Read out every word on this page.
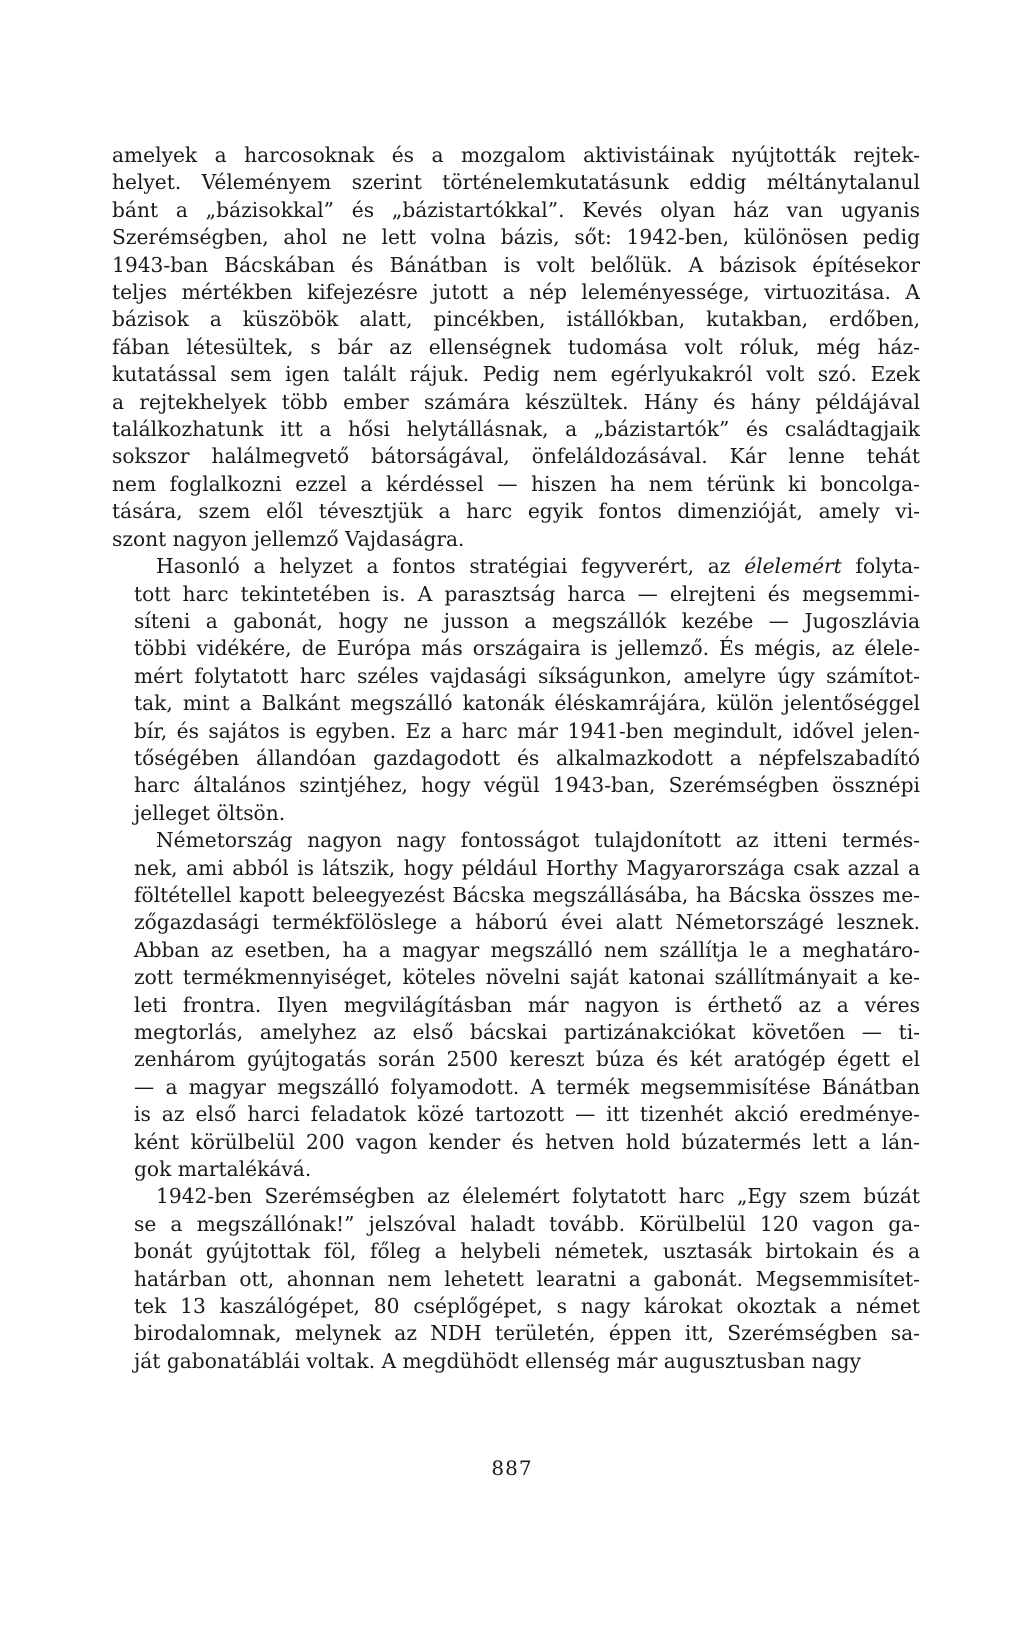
amelyek a harcosoknak és a mozgalom aktivistáinak nyújtották rejtek-
helyet. Véleményem szerint történelemkutatásunk eddig méltánytalanul
bánt a „bázisokkal” és „bázistartókkal”. Kevés olyan ház van ugyanis
Szerémségben, ahol ne lett volna bázis, sőt: 1942-ben, különösen pedig
1943-ban Bácskában és Bánátban is volt belőlük. A bázisok építésekor
teljes mértékben kifejezésre jutott a nép leleményessége, virtuozitása. A
bázisok a küszöbök alatt, pincékben, istállókban, kutakban, erdőben,
fában létesültek, s bár az ellenségnek tudomása volt róluk, még ház-
kutatással sem igen talált rájuk. Pedig nem egérlyukakról volt szó. Ezek
a rejtekhelyek több ember számára készültek. Hány és hány példájával
találkozhatunk itt a hősi helytállásnak, a „bázistartók” és családtagjaik
sokszor halálmegvető bátorságával, önfeláldozásával. Kár lenne tehát
nem foglalkozni ezzel a kérdéssel — hiszen ha nem térünk ki boncolga-
tására, szem elől tévesztjük a harc egyik fontos dimenzióját, amely vi-
szont nagyon jellemző Vajdaságra.
Hasonló a helyzet a fontos stratégiai fegyverért, az élelemért folyta-
tott harc tekintetében is. A parasztság harca — elrejteni és megsemmi-
síteni a gabonát, hogy ne jusson a megszállók kezébe — Jugoszlávia
többi vidékére, de Európa más országaira is jellemző. És mégis, az élele-
mért folytatott harc széles vajdasági síkságunkon, amelyre úgy számítot-
tak, mint a Balkánt megszálló katonák éléskamrájára, külön jelentőséggel
bír, és sajátos is egyben. Ez a harc már 1941-ben megindult, idővel jelen-
tőségében állandóan gazdagodott és alkalmazkodott a népfelszabadító
harc általános szintjéhez, hogy végül 1943-ban, Szerémségben össznépi
jelleget öltsön.
Németország nagyon nagy fontosságot tulajdonított az itteni termés-
nek, ami abból is látszik, hogy például Horthy Magyarországa csak azzal a
föltétellel kapott beleegyezést Bácska megszállásába, ha Bácska összes me-
zőgazdasági termékfölöslege a háború évei alatt Németországé lesznek.
Abban az esetben, ha a magyar megszálló nem szállítja le a meghatáro-
zott termékmennyiséget, köteles növelni saját katonai szállítmányait a ke-
leti frontra. Ilyen megvilágításban már nagyon is érthető az a véres
megtorlás, amelyhez az első bácskai partizánakciókat követően — ti-
zenhárom gyújtogatás során 2500 kereszt búza és két aratógép égett el
— a magyar megszálló folyamodott. A termék megsemmisítése Bánátban
is az első harci feladatok közé tartozott — itt tizenhét akció eredménye-
ként körülbelül 200 vagon kender és hetven hold búzatermés lett a lán-
gok martalékává.
1942-ben Szerémségben az élelemért folytatott harc „Egy szem búzát
se a megszállónak!” jelszóval haladt tovább. Körülbelül 120 vagon ga-
bonát gyújtottak föl, főleg a helybeli németek, usztasák birtokain és a
határban ott, ahonnan nem lehetett learatni a gabonát. Megsemmisítet-
tek 13 kaszálógépet, 80 cséplőgépet, s nagy károkat okoztak a német
birodalomnak, melynek az NDH területén, éppen itt, Szerémségben sa-
ját gabonatáblái voltak. A megdühödt ellenség már augusztusban nagy
887
